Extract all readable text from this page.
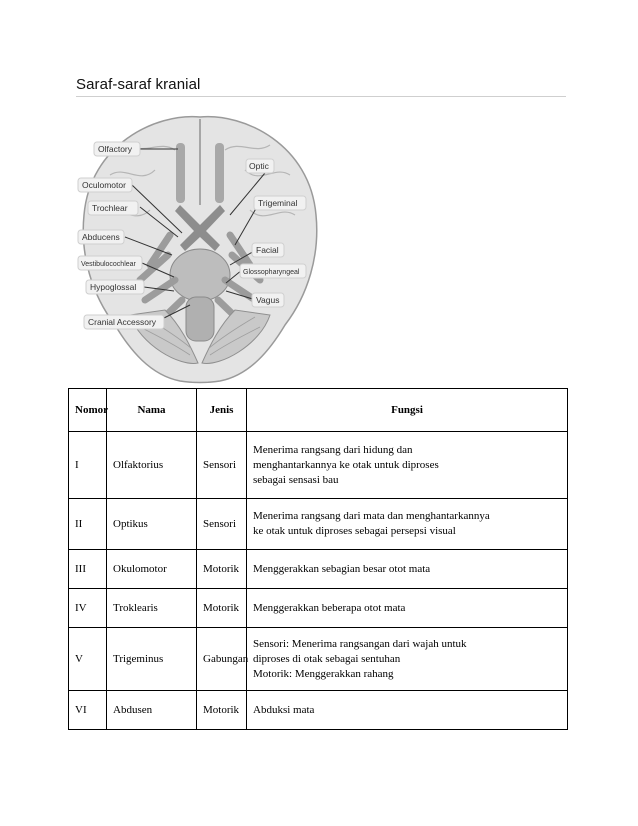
Saraf-saraf kranial
Olfactory
Optic
Oculomotor
Trochlear	Trigeminal
Abducens
Facial
Vestibulocochlear
Glossopharyngeal
Hypoglossal
Vagus
Cranial Accessory
Nomor	Nama	Jenis	Fungsi
I	Olfaktorius	Sensori	Menerima rangsang dari hidung dan
menghantarkannya ke otak untuk diproses
sebagai sensasi bau

II	Optikus	Sensori	Menerima rangsang dari mata dan menghantarkannya
ke otak untuk diproses sebagai persepsi visual

III	Okulomotor	Motorik	Menggerakkan sebagian besar otot mata

IV	Troklearis	Motorik	Menggerakkan beberapa otot mata

V	Trigeminus	Gabungan	Sensori: Menerima rangsangan dari wajah untuk
diproses di otak sebagai sentuhan
Motorik: Menggerakkan rahang

VI	Abdusen	Motorik	Abduksi mata
